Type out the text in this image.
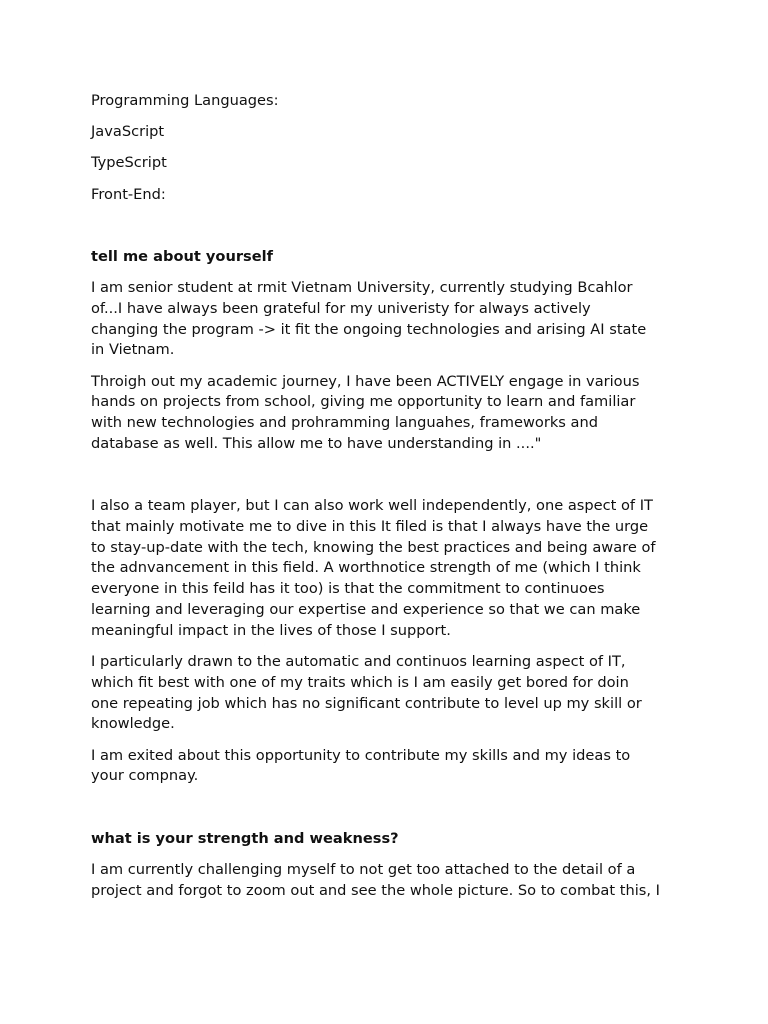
Programming Languages:
JavaScript
TypeScript
Front-End:
tell me about yourself
I am senior student at rmit Vietnam University, currently studying Bcahlor
of...I have always been grateful for my univeristy for always actively
changing the program -> it fit the ongoing technologies and arising AI state
in Vietnam.
Throigh out my academic journey, I have been ACTIVELY engage in various
hands on projects from school, giving me opportunity to learn and familiar
with new technologies and prohramming languahes, frameworks and
database as well. This allow me to have understanding in ...."
I also a team player, but I can also work well independently, one aspect of IT
that mainly motivate me to dive in this It filed is that I always have the urge
to stay-up-date with the tech, knowing the best practices and being aware of
the adnvancement in this field. A worthnotice strength of me (which I think
everyone in this feild has it too) is that the commitment to continuoes
learning and leveraging our expertise and experience so that we can make
meaningful impact in the lives of those I support.
I particularly drawn to the automatic and continuos learning aspect of IT,
which fit best with one of my traits which is I am easily get bored for doin
one repeating job which has no significant contribute to level up my skill or
knowledge.
I am exited about this opportunity to contribute my skills and my ideas to
your compnay.
what is your strength and weakness?
I am currently challenging myself to not get too attached to the detail of a
project and forgot to zoom out and see the whole picture. So to combat this, I
